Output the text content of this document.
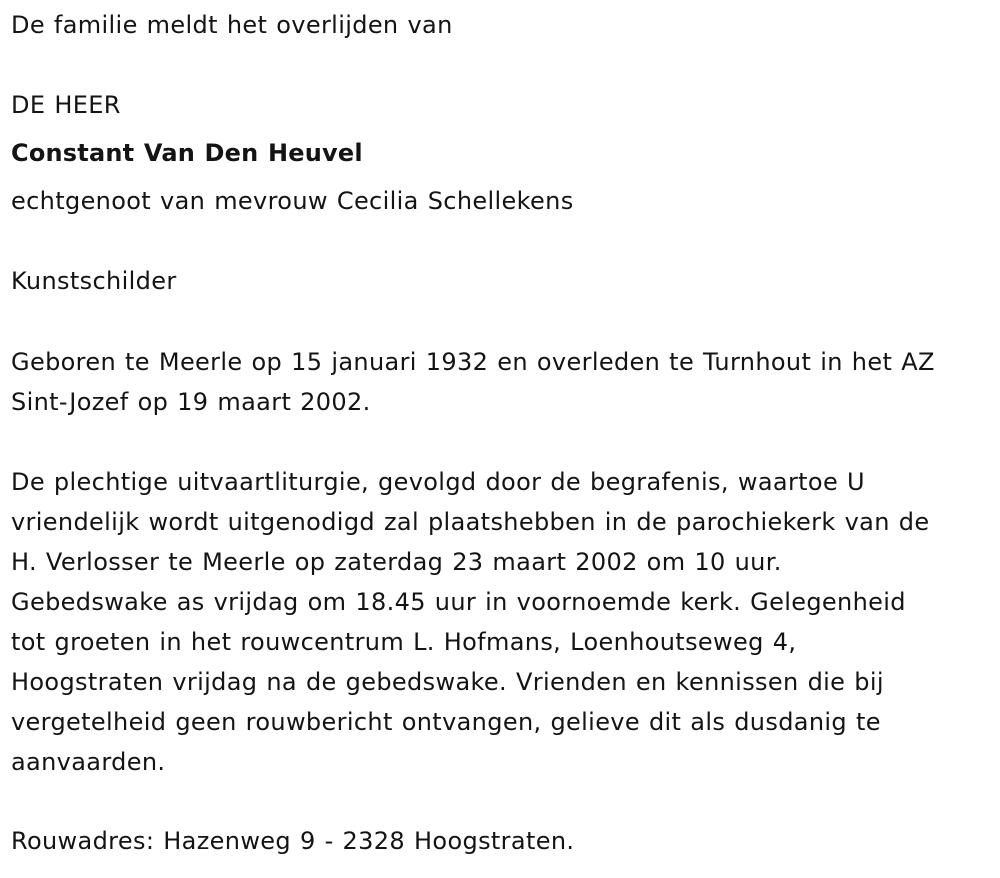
De familie meldt het overlijden van
DE HEER
Constant Van Den Heuvel
echtgenoot van mevrouw Cecilia Schellekens
Kunstschilder
Geboren te Meerle op 15 januari 1932 en overleden te Turnhout in het AZ
Sint-Jozef op 19 maart 2002.
De plechtige uitvaartliturgie, gevolgd door de begrafenis, waartoe U
vriendelijk wordt uitgenodigd zal plaatshebben in de parochiekerk van de
H. Verlosser te Meerle op zaterdag 23 maart 2002 om 10 uur.
Gebedswake as vrijdag om 18.45 uur in voornoemde kerk. Gelegenheid
tot groeten in het rouwcentrum L. Hofmans, Loenhoutseweg 4,
Hoogstraten vrijdag na de gebedswake. Vrienden en kennissen die bij
vergetelheid geen rouwbericht ontvangen, gelieve dit als dusdanig te
aanvaarden.
Rouwadres: Hazenweg 9 - 2328 Hoogstraten.
